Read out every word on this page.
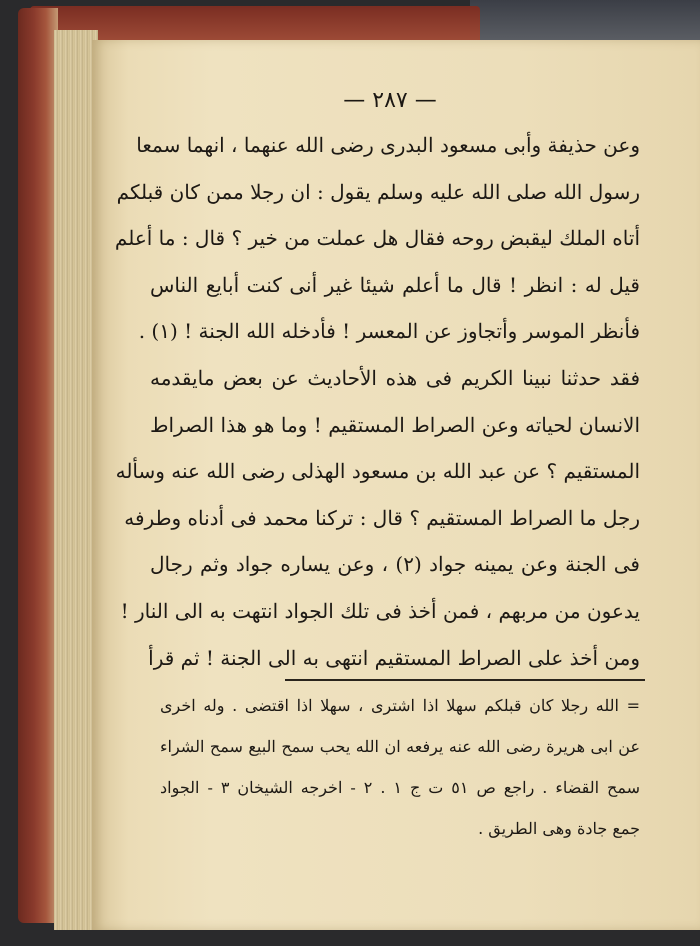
— ٢٨٧ —
وعن حذيفة وأبى مسعود البدرى رضى الله عنهما ، انهما سمعا
رسول الله صلى الله عليه وسلم يقول : ان رجلا ممن كان قبلكم
أتاه الملك ليقبض روحه فقال هل عملت من خير ؟ قال : ما أعلم
قيل له : انظر ! قال ما أعلم شيئا غير أنى كنت أبايع الناس
فأنظر الموسر وأتجاوز عن المعسر ! فأدخله الله الجنة ! (١) .
فقد حدثنا نبينا الكريم فى هذه الأحاديث عن بعض مايقدمه
الانسان لحياته وعن الصراط المستقيم ! وما هو هذا الصراط
المستقيم ؟ عن عبد الله بن مسعود الهذلى رضى الله عنه وسأله
رجل ما الصراط المستقيم ؟ قال : تركنا محمد فى أدناه وطرفه
فى الجنة وعن يمينه جواد (٢) ، وعن يساره جواد وثم رجال
يدعون من مربهم ، فمن أخذ فى تلك الجواد انتهت به الى النار !
ومن أخذ على الصراط المستقيم انتهى به الى الجنة ! ثم قرأ
= الله رجلا كان قبلكم سهلا اذا اشترى ، سهلا اذا اقتضى . وله اخرى
عن ابى هريرة رضى الله عنه يرفعه ان الله يحب سمح البيع سمح الشراء
سمح القضاء . راجع ص ٥١ ت ج ١ . ٢ - اخرجه الشيخان ٣ - الجواد
جمع جادة وهى الطريق .
